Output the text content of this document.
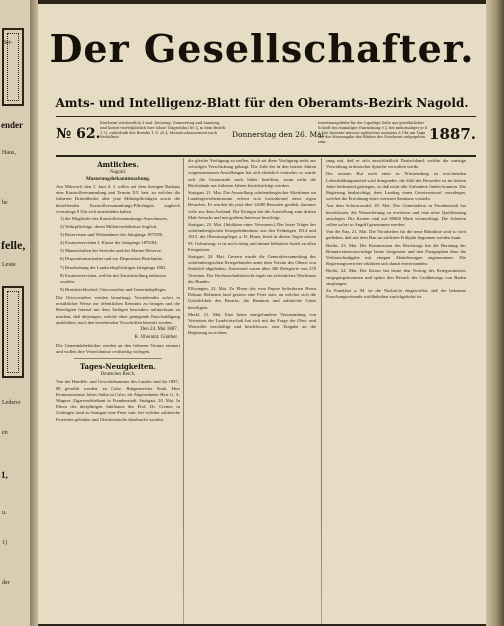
Ber-
ender
Haus,
he
felle,
Leute
Lederer
en
1,
u.
1)
der
Der Gesellschafter.
Amts- und Intelligenz-Blatt für den Oberamts-Bezirk Nagold.
№ 62.
Erscheint wöchentlich 3 mal: Dienstag, Donnerstag und Samstag, und kostet vierteljährlich hier (ohne Trägerlohn) 80 ₰, in dem Bezirk 1 ℳ, außerhalb des Bezirks 1 ℳ 20 ₰. Monats-abonnement nach Verhältnis.	Donnerstag den 26. Mai
Insertionsgebühr für die 1spaltige Zeile aus gewöhnlicher Schrift bei einmaliger Einrückung 9 ₰, bei mehrmaliger je 6 ₰. Die Inserate müssen spätestens morgens 8 Uhr am Tage vor der Herausgabe des Blattes der Druckerei aufgegeben sein.	1887.
Amtliches.
Nagold.
Musterungsbekanntmachung.

Am Mittwoch den 1. Juni d. J. sollen auf dem hiesigen Rathaus eine Kontrollversammlung und Termin XV. betr. zu welcher die früheren Dritteltheiler aber jene Militärpflichtigen sowie die betreffenden Kontrollversammlungs-Pflichtigen zugleich vormittags 9 Uhr sich einzufinden haben.

1) die Mitglieder des Kontrollversammlungs-Ausschusses,
2) Wehrpflichtige, deren Militärverhältnisse fraglich,
3) Reservisten und Wehrmänner der Jahrgänge 1875/80,
4) Ersatzreservisten I. Klasse der Jahrgänge 1876/84,
5) Mannschaften der Seewehr und der Marine-Reserve,
6) Dispositionsurlauber und zur Disposition Beurlaubte,
7) Beurlaubung der Landwehrpflichtigen Jahrgänge 1882,
8) Ersatzreservisten, welche mit Zurückstellung entlassen wurden,
9) Bezirksfeldwebel, Ortsvorsteher und Gemeindepfleger.

Die Ortsvorsteher werden beauftragt, Vorstehendes sofort in ortsüblicher Weise zur öffentlichen Kenntnis zu bringen und die Beteiligten hierauf mit dem Anfügen besonders aufmerksam zu machen, daß diejenigen, welche ohne genügende Entschuldigung ausbleiben, nach den bestehenden Vorschriften bestraft werden.

Den 24. Mai 1887.
K. Oberamt. Günther.

Die Gemeindebehörden werden an den früheren Termin erinnert und wollen ihre Verzeichnisse rechtzeitig vorlegen.

Tages-Neuigkeiten.
Deutsches Reich.

Von der Handels- und Gewerbekammer des Landes sind für 1887–88 gewählt worden: zu Calw: Bürgermeister Staib, Herr Kommerzienrat Julius Stälin in Calw; als Abgeordneter Herr G. A. Wagner, Zigarrenfabrikant in Freudenstadt. Stuttgart, 20. Mai. In Ehren des diesjährigen Jubiläums des Prof. Dr. Cremer in Göttingen fand zu Stuttgart eine Feier statt, bei welcher zahlreiche Festreden gehalten und Glückwünsche überbracht wurden.

die gleiche Verfügung zu treffen, doch sei diese Verfügung nicht zur sofortigen Verschickung gelangt. Die Zahl der in den letzten Jahren vorgenommenen Anstellungen hat sich erheblich vermehrt, es würde sich die Gesamtzahl noch höher beziffern, wenn nicht die Rückstände aus früheren Jahren berücksichtigt würden.

Stuttgart, 21. Mai. Die Ausstellung württembergischer Altertümer im Landesgewerbemuseum erfreut sich fortwährend eines regen Besuches. Es wurden bis jetzt über 12000 Besucher gezählt, darunter viele aus dem Ausland. Die Königin hat die Ausstellung zum dritten Male besucht und mit großem Interesse besichtigt.

Stuttgart, 23. Mai. (Jubiläum eines Veteranen.) Der letzte Träger der württembergischen Kriegsdenkmünze aus den Feldzügen 1814 und 1815, der Oberamtspfleger a. D. Ebner, feiert in diesen Tagen seinen 93. Geburtstag; er ist noch rüstig und nimmt lebhaften Anteil an allen Ereignissen.

Stuttgart, 24. Mai. Gestern wurde die Generalversammlung des württembergischen Kriegerbundes unter dem Vorsitz des Oberst von Starkloff abgehalten. Anwesend waren über 400 Delegierte von 270 Vereinen. Der Rechenschaftsbericht ergab ein erfreuliches Wachstum des Bundes.

Ellwangen, 22. Mai. Zu Ehren des vom Papste beförderten Herrn Dekans Hofmann fand gestern eine Feier statt, an welcher sich die Geistlichkeit des Bezirks, die Beamten und zahlreiche Gäste beteiligten.

Merkl, 21. Mai. Eine heute stattgefundene Versammlung von Vertretern der Landwirtschaft hat sich mit der Frage der Obst- und Weinzölle beschäftigt und beschlossen, eine Eingabe an die Regierung zu richten.

sung mit, daß er sich ausschließlich Deutschland, welche die sonstige Verwaltung in deutscher Sprache verwalten werde.

Der erneute Ruf nach einer in Württemberg zu errichtenden Lehrerbildungsanstalt wird dringender; die Zahl der Bewerber ist im letzten Jahre bedeutend gestiegen, so daß nicht alle Aufnahme finden konnten. Die Regierung beabsichtigt, dem Landtag einen Gesetzentwurf vorzulegen, welcher die Errichtung eines weiteren Seminars vorsieht.

Aus dem Schwarzwald, 20. Mai. Der Gemeinderat in Freudenstadt hat beschlossen, die Wasserleitung zu erweitern und eine neue Quellfassung anzulegen. Die Kosten sind auf 60000 Mark veranschlagt. Die Arbeiten sollen sofort in Angriff genommen werden.

Von der Enz, 21. Mai. Die Vorarbeiten für die neue Bahnlinie sind so weit gediehen, daß mit dem Bau im nächsten Frühjahr begonnen werden kann.

Berlin, 23. Mai. Die Kommission des Reichstags hat die Beratung der Branntweinsteuervorlage heute fortgesetzt und den Paragraphen über die Verbrauchsabgabe mit einigen Abänderungen angenommen. Die Regierungsvertreter erklärten sich damit einverstanden.

Berlin, 24. Mai. Der Kaiser hat heute den Vortrag des Kriegsministers entgegengenommen und später den Besuch des Großherzogs von Baden empfangen.

Zu Frankfurt a. M. ist die Nachricht eingetroffen, daß der bekannte Forschungsreisende wohlbehalten zurückgekehrt ist.
